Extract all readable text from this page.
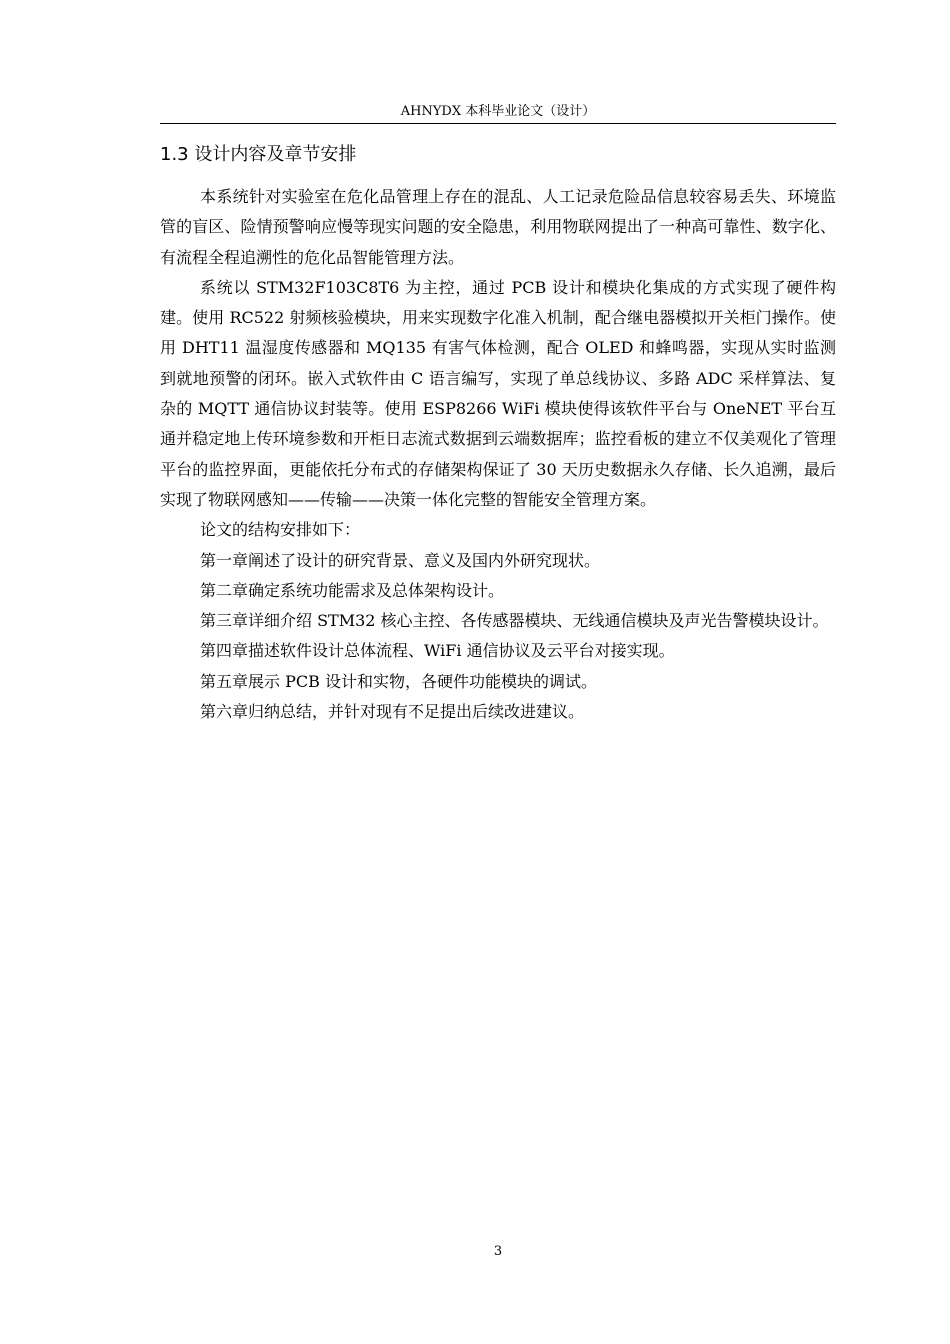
AHNYDX 本科毕业论文（设计）
1.3 设计内容及章节安排

本系统针对实验室在危化品管理上存在的混乱、人工记录危险品信息较容易丢失、环境监管的盲区、险情预警响应慢等现实问题的安全隐患，利用物联网提出了一种高可靠性、数字化、有流程全程追溯性的危化品智能管理方法。

系统以 STM32F103C8T6 为主控，通过 PCB 设计和模块化集成的方式实现了硬件构建。使用 RC522 射频核验模块，用来实现数字化准入机制，配合继电器模拟开关柜门操作。使用 DHT11 温湿度传感器和 MQ135 有害气体检测，配合 OLED 和蜂鸣器，实现从实时监测到就地预警的闭环。嵌入式软件由 C 语言编写，实现了单总线协议、多路 ADC 采样算法、复杂的 MQTT 通信协议封装等。使用 ESP8266 WiFi 模块使得该软件平台与 OneNET 平台互通并稳定地上传环境参数和开柜日志流式数据到云端数据库；监控看板的建立不仅美观化了管理平台的监控界面，更能依托分布式的存储架构保证了 30 天历史数据永久存储、长久追溯，最后实现了物联网感知——传输——决策一体化完整的智能安全管理方案。

论文的结构安排如下：

第一章阐述了设计的研究背景、意义及国内外研究现状。

第二章确定系统功能需求及总体架构设计。

第三章详细介绍 STM32 核心主控、各传感器模块、无线通信模块及声光告警模块设计。

第四章描述软件设计总体流程、WiFi 通信协议及云平台对接实现。

第五章展示 PCB 设计和实物，各硬件功能模块的调试。

第六章归纳总结，并针对现有不足提出后续改进建议。

3
